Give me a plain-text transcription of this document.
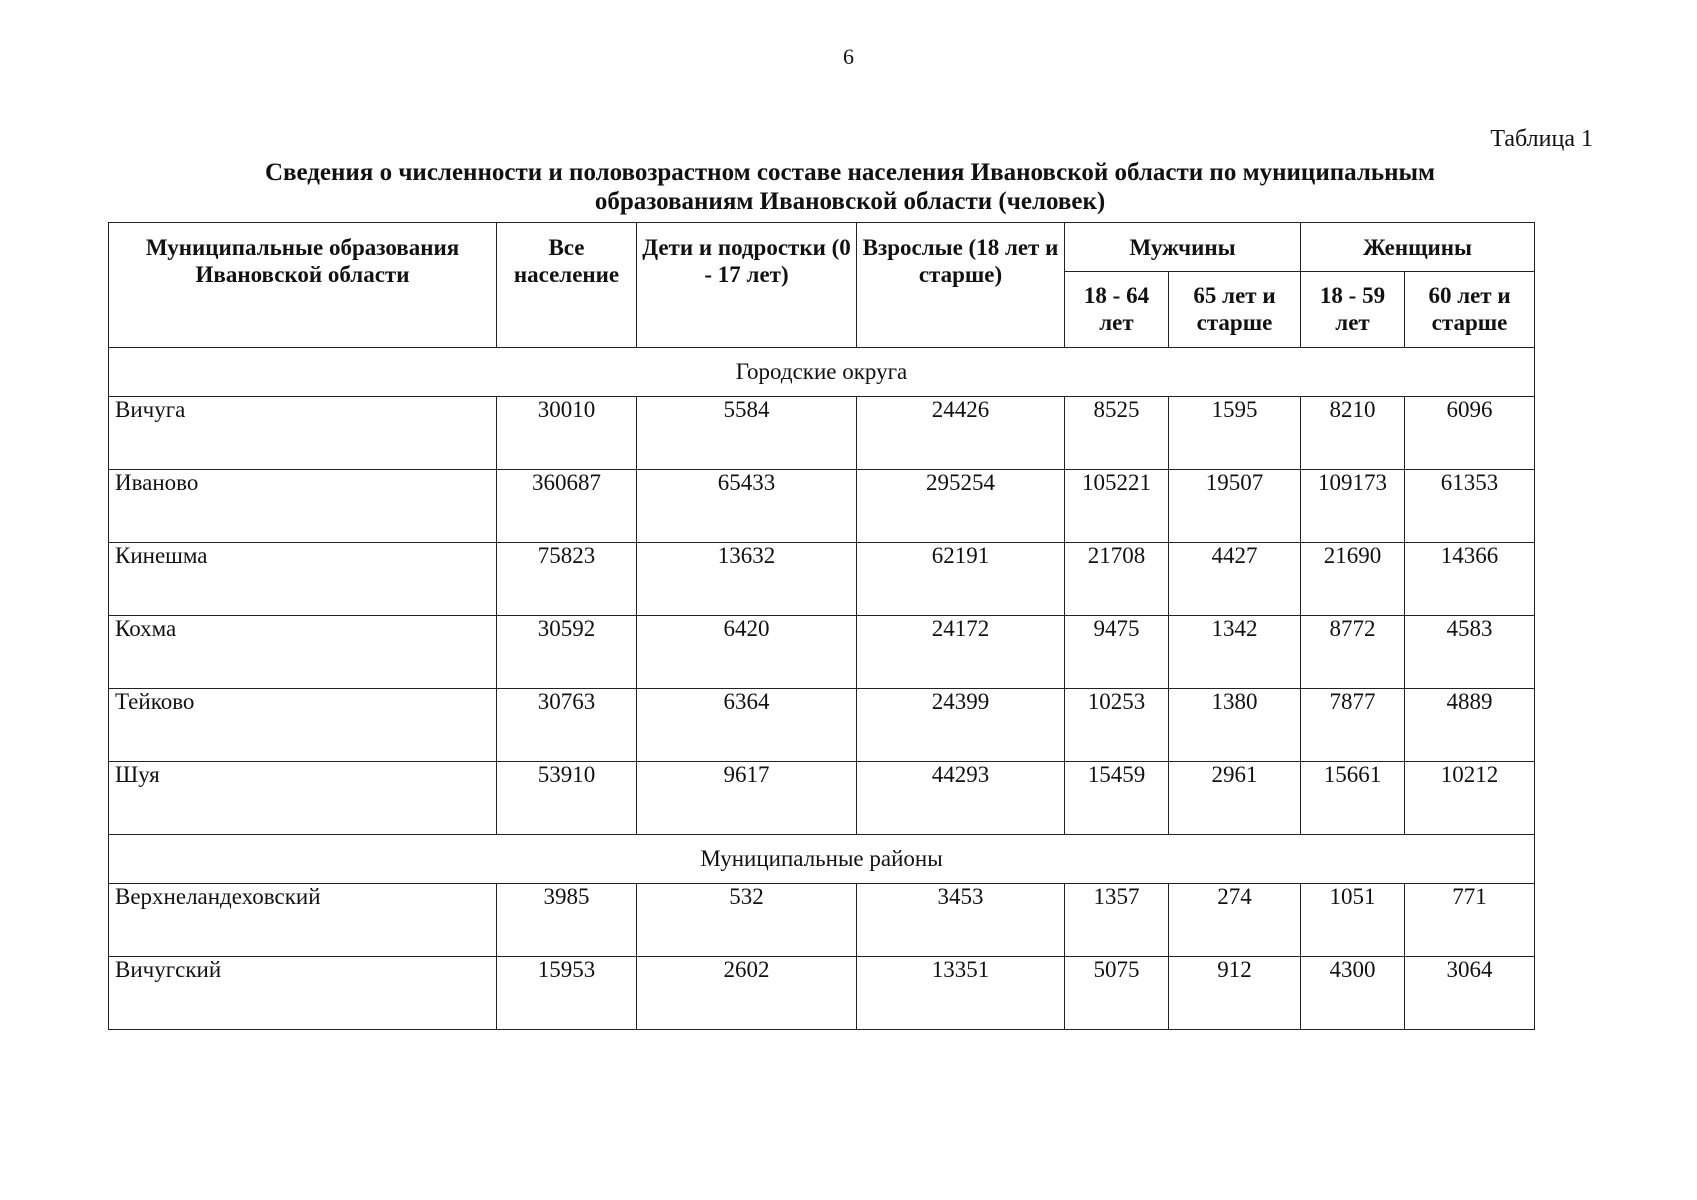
6
Таблица 1
Сведения о численности и половозрастном составе населения Ивановской области по муниципальным
образованиям Ивановской области (человек)
Муниципальные образования Ивановской области	Все население	Дети и подростки (0 - 17 лет)	Взрослые (18 лет и старше)	Мужчины		Женщины	
				18 - 64 лет	65 лет и старше	18 - 59 лет	60 лет и старше
Городские округа							
Вичуга	30010	5584	24426	8525	1595	8210	6096
Иваново	360687	65433	295254	105221	19507	109173	61353
Кинешма	75823	13632	62191	21708	4427	21690	14366
Кохма	30592	6420	24172	9475	1342	8772	4583
Тейково	30763	6364	24399	10253	1380	7877	4889
Шуя	53910	9617	44293	15459	2961	15661	10212
Муниципальные районы							
Верхнеландеховский	3985	532	3453	1357	274	1051	771
Вичугский	15953	2602	13351	5075	912	4300	3064
